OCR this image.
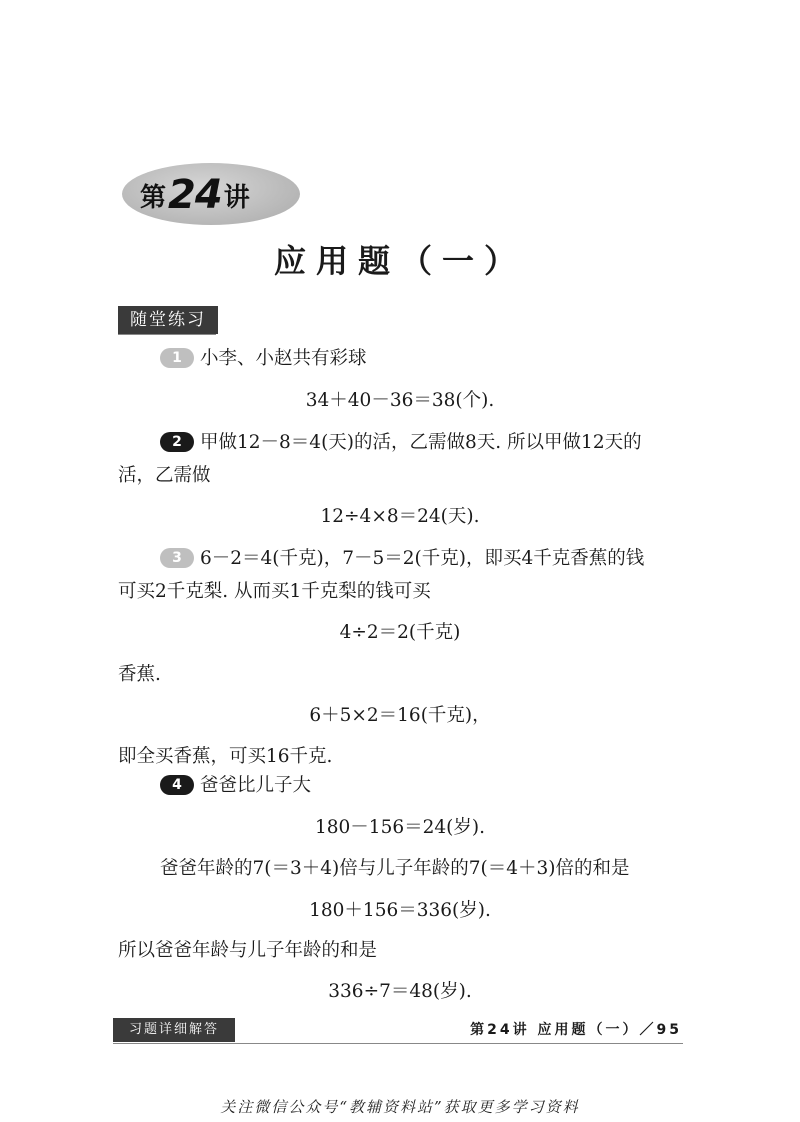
第 24 讲
应用题（一）
随堂练习
1 小李、小赵共有彩球
34＋40－36＝38(个).
2 甲做12－8＝4(天)的活，乙需做8天. 所以甲做12天的
活，乙需做
12÷4×8＝24(天).
3 6－2＝4(千克)，7－5＝2(千克)，即买4千克香蕉的钱
可买2千克梨. 从而买1千克梨的钱可买
4÷2＝2(千克)
香蕉.
6＋5×2＝16(千克)，
即全买香蕉，可买16千克.
4 爸爸比儿子大
180－156＝24(岁).
爸爸年龄的7(＝3＋4)倍与儿子年龄的7(＝4＋3)倍的和是
180＋156＝336(岁).
所以爸爸年龄与儿子年龄的和是
336÷7＝48(岁).
习题详细解答	第24讲 应用题（一）／95
关注微信公众号“教辅资料站”获取更多学习资料
